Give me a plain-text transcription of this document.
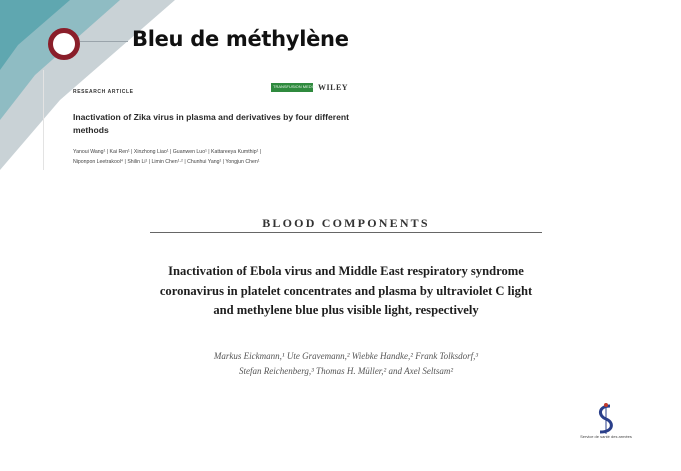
Bleu de méthylène
RESEARCH ARTICLE
TRANSFUSION MEDICINE
WILEY
Inactivation of Zika virus in plasma and derivatives by four different methods
Yanoui Wang¹ | Kai Ren¹ | Xinzhong Liao¹ | Guanwen Luo¹ | Kattareeya Kumthip¹ |
Niponpon Leetrakool⁴ | Shilin Li¹ | Limin Chen¹·² | Chunhui Yang¹ | Yongjun Chen¹
BLOOD COMPONENTS
Inactivation of Ebola virus and Middle East respiratory syndrome coronavirus in platelet concentrates and plasma by ultraviolet C light and methylene blue plus visible light, respectively
Markus Eickmann,¹ Ute Gravemann,² Wiebke Handke,² Frank Tolksdorf,³
Stefan Reichenberg,³ Thomas H. Müller,² and Axel Seltsam²
Service de santé des armées
